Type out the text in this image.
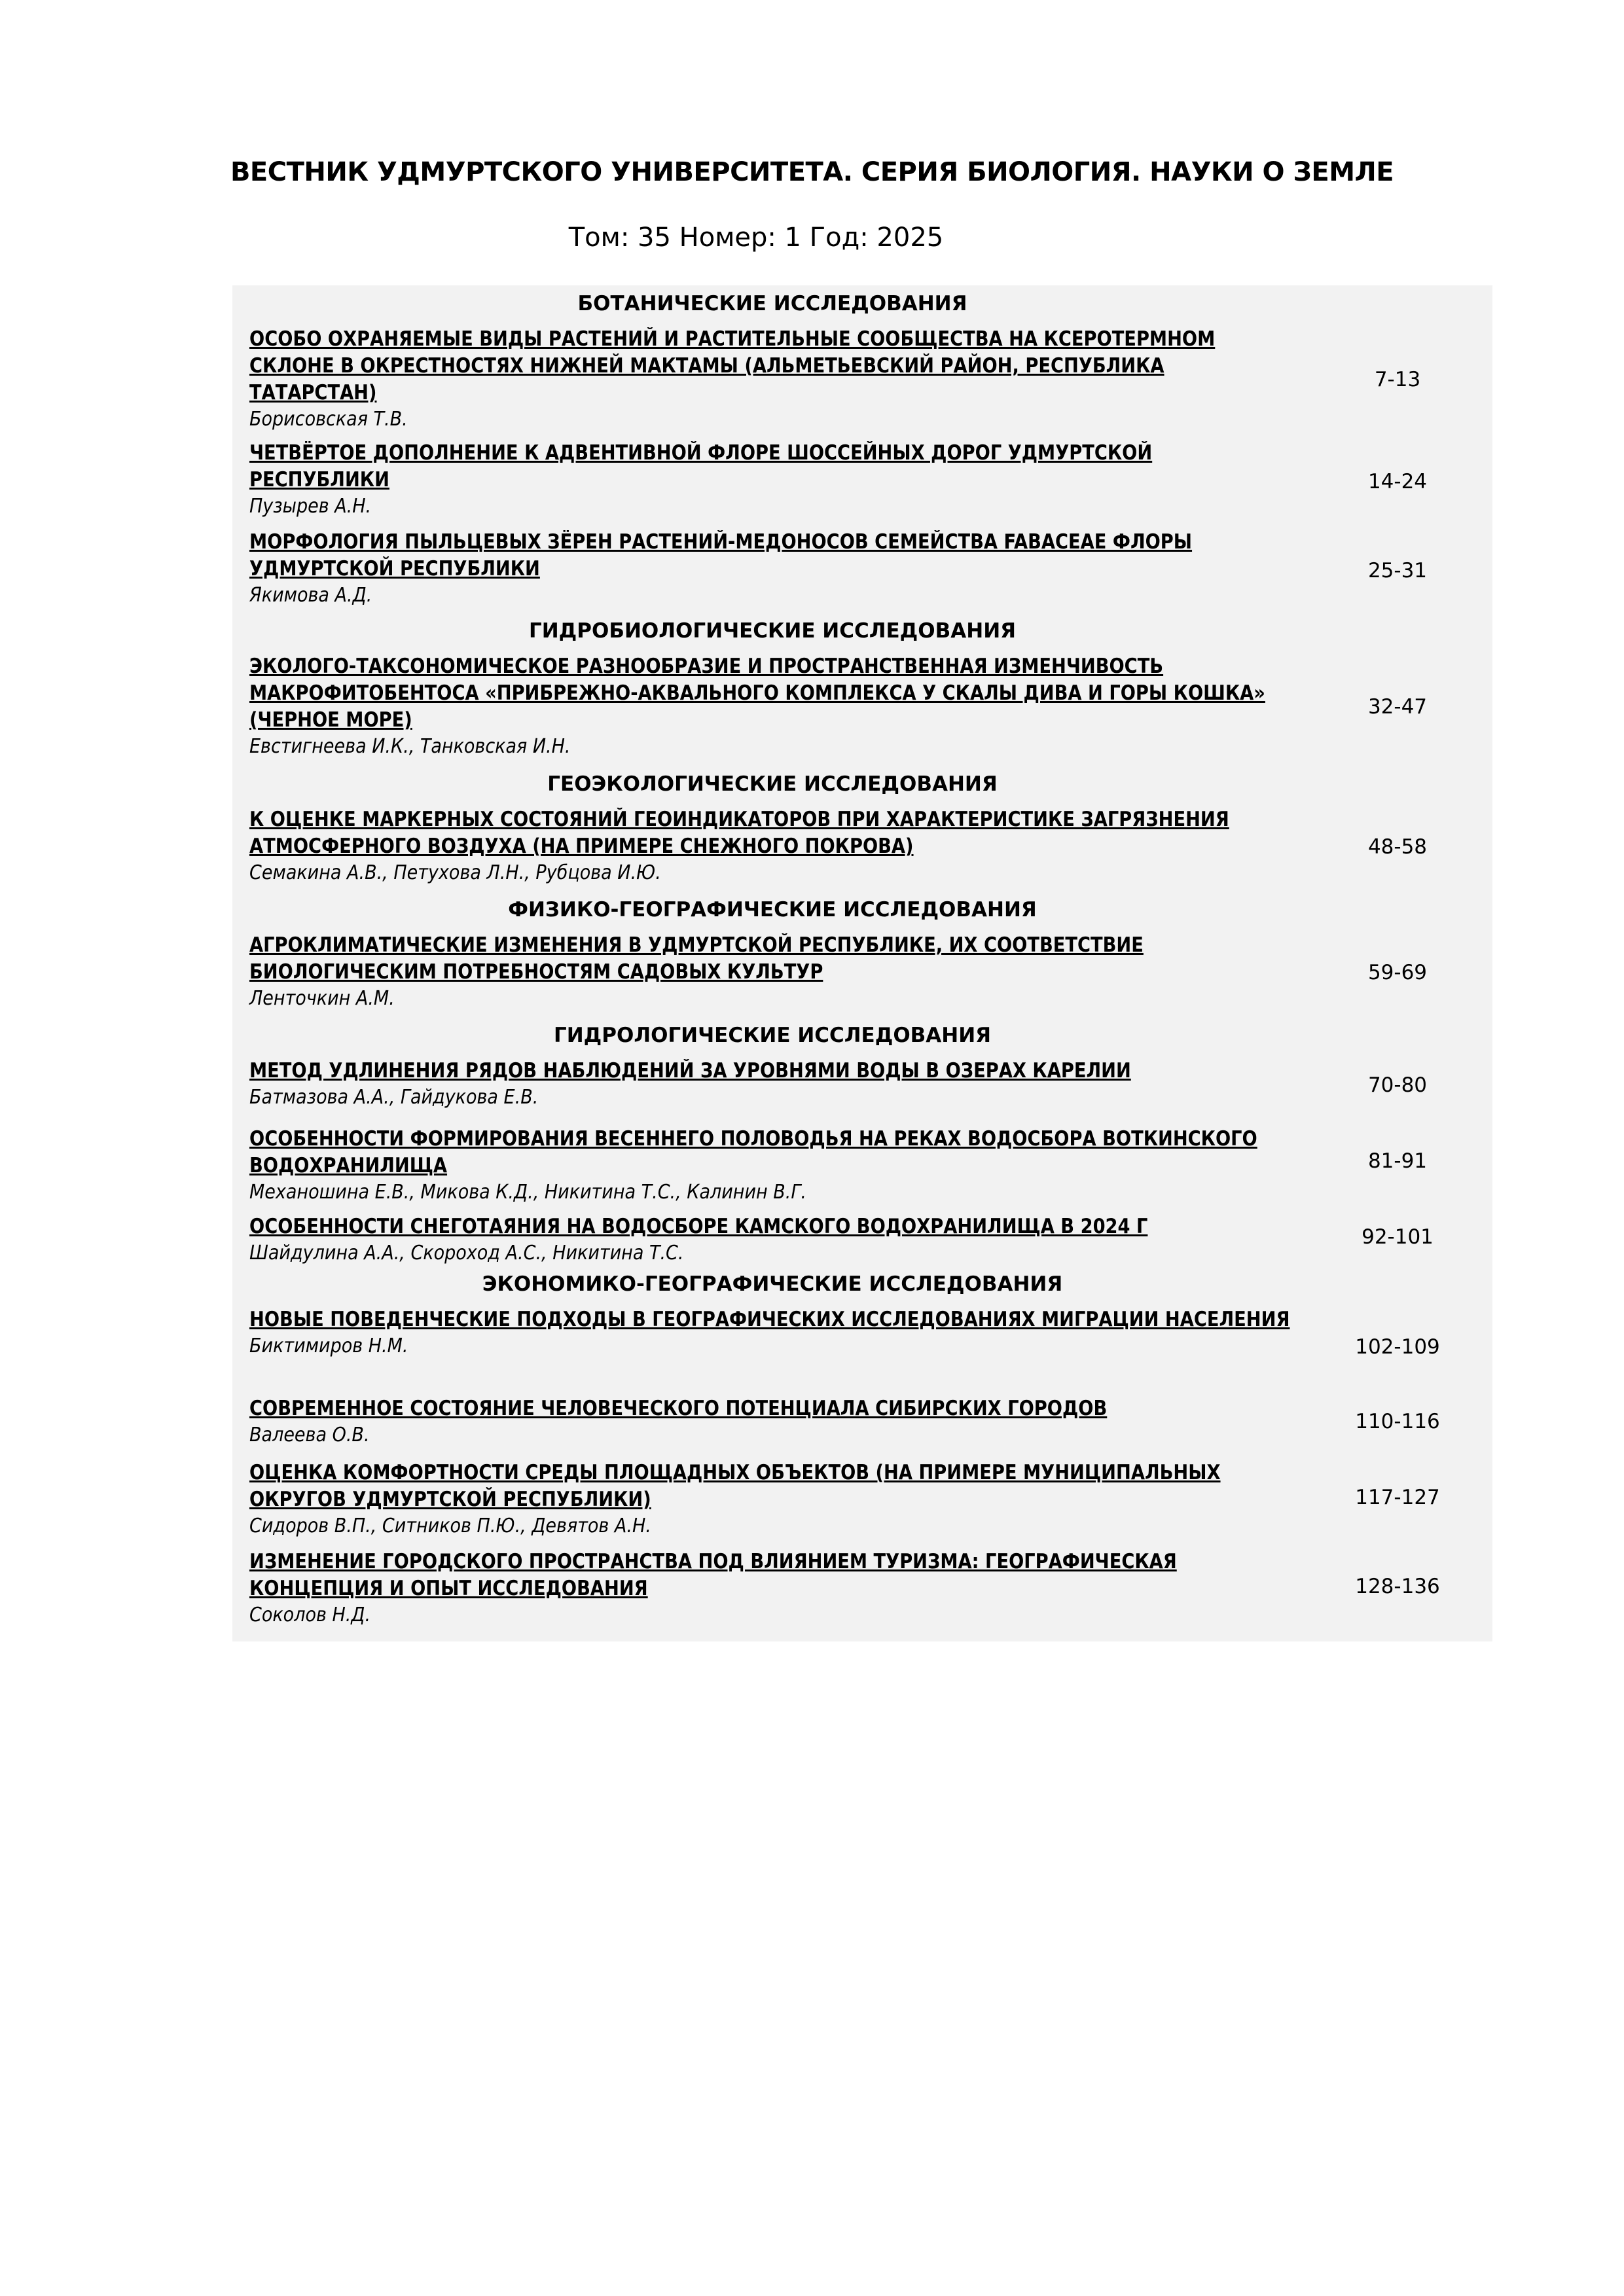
ВЕСТНИК УДМУРТСКОГО УНИВЕРСИТЕТА. СЕРИЯ БИОЛОГИЯ. НАУКИ О ЗЕМЛЕ
Том: 35 Номер: 1 Год: 2025
БОТАНИЧЕСКИЕ ИССЛЕДОВАНИЯ
ОСОБО ОХРАНЯЕМЫЕ ВИДЫ РАСТЕНИЙ И РАСТИТЕЛЬНЫЕ СООБЩЕСТВА НА КСЕРОТЕРМНОМ СКЛОНЕ В ОКРЕСТНОСТЯХ НИЖНЕЙ МАКТАМЫ (АЛЬМЕТЬЕВСКИЙ РАЙОН, РЕСПУБЛИКА ТАТАРСТАН)
Борисовская Т.В.
7-13
ЧЕТВЁРТОЕ ДОПОЛНЕНИЕ К АДВЕНТИВНОЙ ФЛОРЕ ШОССЕЙНЫХ ДОРОГ УДМУРТСКОЙ РЕСПУБЛИКИ
Пузырев А.Н.
14-24
МОРФОЛОГИЯ ПЫЛЬЦЕВЫХ ЗЁРЕН РАСТЕНИЙ-МЕДОНОСОВ СЕМЕЙСТВА FABACEAE ФЛОРЫ УДМУРТСКОЙ РЕСПУБЛИКИ
Якимова А.Д.
25-31
ГИДРОБИОЛОГИЧЕСКИЕ ИССЛЕДОВАНИЯ
ЭКОЛОГО-ТАКСОНОМИЧЕСКОЕ РАЗНООБРАЗИЕ И ПРОСТРАНСТВЕННАЯ ИЗМЕНЧИВОСТЬ МАКРОФИТОБЕНТОСА «ПРИБРЕЖНО-АКВАЛЬНОГО КОМПЛЕКСА У СКАЛЫ ДИВА И ГОРЫ КОШКА» (ЧЕРНОЕ МОРЕ)
Евстигнеева И.К., Танковская И.Н.
32-47
ГЕОЭКОЛОГИЧЕСКИЕ ИССЛЕДОВАНИЯ
К ОЦЕНКЕ МАРКЕРНЫХ СОСТОЯНИЙ ГЕОИНДИКАТОРОВ ПРИ ХАРАКТЕРИСТИКЕ ЗАГРЯЗНЕНИЯ АТМОСФЕРНОГО ВОЗДУХА (НА ПРИМЕРЕ СНЕЖНОГО ПОКРОВА)
Семакина А.В., Петухова Л.Н., Рубцова И.Ю.
48-58
ФИЗИКО-ГЕОГРАФИЧЕСКИЕ ИССЛЕДОВАНИЯ
АГРОКЛИМАТИЧЕСКИЕ ИЗМЕНЕНИЯ В УДМУРТСКОЙ РЕСПУБЛИКЕ, ИХ СООТВЕТСТВИЕ БИОЛОГИЧЕСКИМ ПОТРЕБНОСТЯМ САДОВЫХ КУЛЬТУР
Ленточкин А.М.
59-69
ГИДРОЛОГИЧЕСКИЕ ИССЛЕДОВАНИЯ
МЕТОД УДЛИНЕНИЯ РЯДОВ НАБЛЮДЕНИЙ ЗА УРОВНЯМИ ВОДЫ В ОЗЕРАХ КАРЕЛИИ
Батмазова А.А., Гайдукова Е.В.
70-80
ОСОБЕННОСТИ ФОРМИРОВАНИЯ ВЕСЕННЕГО ПОЛОВОДЬЯ НА РЕКАХ ВОДОСБОРА ВОТКИНСКОГО ВОДОХРАНИЛИЩА
Механошина Е.В., Микова К.Д., Никитина Т.С., Калинин В.Г.
81-91
ОСОБЕННОСТИ СНЕГОТАЯНИЯ НА ВОДОСБОРЕ КАМСКОГО ВОДОХРАНИЛИЩА В 2024 Г
Шайдулина А.А., Скороход А.С., Никитина Т.С.
92-101
ЭКОНОМИКО-ГЕОГРАФИЧЕСКИЕ ИССЛЕДОВАНИЯ
НОВЫЕ ПОВЕДЕНЧЕСКИЕ ПОДХОДЫ В ГЕОГРАФИЧЕСКИХ ИССЛЕДОВАНИЯХ МИГРАЦИИ НАСЕЛЕНИЯ
Биктимиров Н.М.	102-109
СОВРЕМЕННОЕ СОСТОЯНИЕ ЧЕЛОВЕЧЕСКОГО ПОТЕНЦИАЛА СИБИРСКИХ ГОРОДОВ
Валеева О.В.
110-116
ОЦЕНКА КОМФОРТНОСТИ СРЕДЫ ПЛОЩАДНЫХ ОБЪЕКТОВ (НА ПРИМЕРЕ МУНИЦИПАЛЬНЫХ ОКРУГОВ УДМУРТСКОЙ РЕСПУБЛИКИ)
Сидоров В.П., Ситников П.Ю., Девятов А.Н.
117-127
ИЗМЕНЕНИЕ ГОРОДСКОГО ПРОСТРАНСТВА ПОД ВЛИЯНИЕМ ТУРИЗМА: ГЕОГРАФИЧЕСКАЯ КОНЦЕПЦИЯ И ОПЫТ ИССЛЕДОВАНИЯ
Соколов Н.Д.
128-136
